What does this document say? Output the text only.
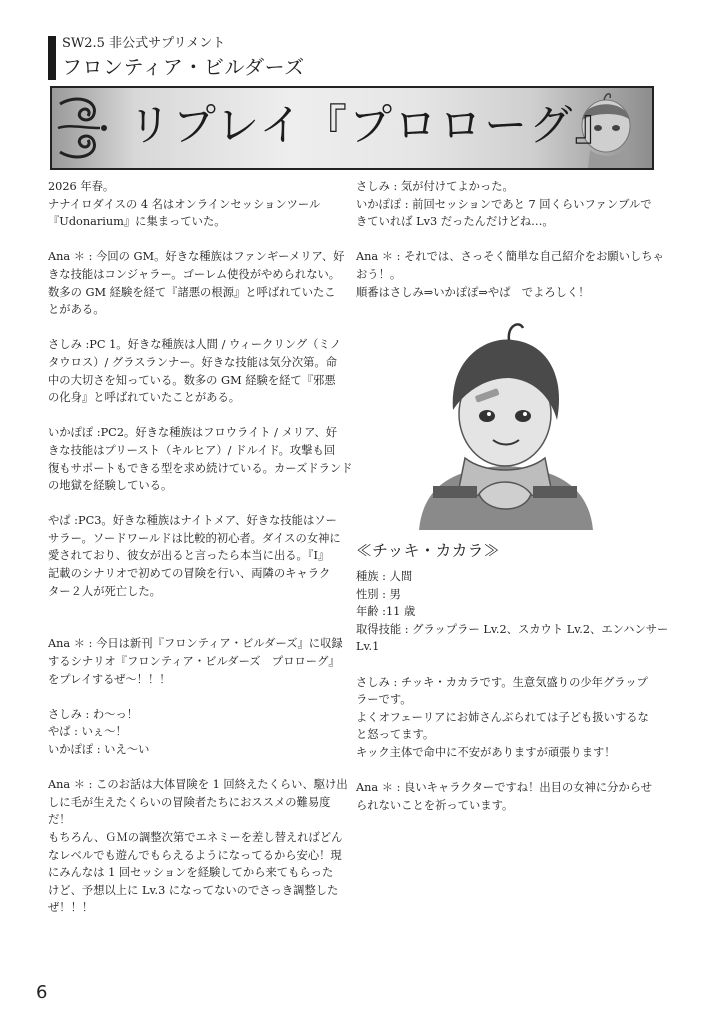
SW2.5 非公式サプリメント
フロンティア・ビルダーズ
リプレイ『プロローグ』

2026 年春。

ナナイロダイスの 4 名はオンラインセッションツール

『Udonarium』に集まっていた。

Ana ＊ : 今回の GM。好きな種族はファンギーメリア、好

きな技能はコンジャラー。ゴーレム使役がやめられない。

数多の GM 経験を経て『諸悪の根源』と呼ばれていたこ

とがある。

さしみ :PC 1。好きな種族は人間 / ウィークリング（ミノ

タウロス）/ グラスランナー。好きな技能は気分次第。命

中の大切さを知っている。数多の GM 経験を経て『邪悪

の化身』と呼ばれていたことがある。

いかぽぽ :PC2。好きな種族はフロウライト / メリア、好

きな技能はプリースト（キルヒア）/ ドルイド。攻撃も回

復もサポートもできる型を求め続けている。カーズドランド

の地獄を経験している。

やぱ :PC3。好きな種族はナイトメア、好きな技能はソー

サラー。ソードワールドは比較的初心者。ダイスの女神に

愛されており、彼女が出ると言ったら本当に出る。『Ⅰ』

記載のシナリオで初めての冒険を行い、両隣のキャラク

ター２人が死亡した。

Ana ＊ : 今日は新刊『フロンティア・ビルダーズ』に収録

するシナリオ『フロンティア・ビルダーズ　プロローグ』

をプレイするぜ～！！！

さしみ : わ～っ！

やぱ : いぇ～！

いかぽぽ : いえ～い

Ana ＊ : このお話は大体冒険を 1 回終えたくらい、駆け出

しに毛が生えたくらいの冒険者たちにおススメの難易度

だ！

もちろん、ＧＭの調整次第でエネミーを差し替えればどん

なレベルでも遊んでもらえるようになってるから安心！現

にみんなは 1 回セッションを経験してから来てもらった

けど、予想以上に Lv.3 になってないのでさっき調整した

ぜ！！！

さしみ : 気が付けてよかった。

いかぽぽ : 前回セッションであと 7 回くらいファンブルで

きていれば Lv3 だったんだけどね…。

Ana ＊ : それでは、さっそく簡単な自己紹介をお願いしちゃ

おう！。

順番はさしみ⇒いかぽぽ⇒やぱ　でよろしく！

≪チッキ・カカラ≫

種族 : 人間

性別 : 男

年齢 :11 歳

取得技能 : グラップラー Lv.2、スカウト Lv.2、エンハンサー

Lv.1

さしみ : チッキ・カカラです。生意気盛りの少年グラップ

ラーです。

よくオフェーリアにお姉さんぶられては子ども扱いするな

と怒ってます。

キック主体で命中に不安がありますが頑張ります！

Ana ＊ : 良いキャラクターですね！出目の女神に分からせ

られないことを祈っています。

6
